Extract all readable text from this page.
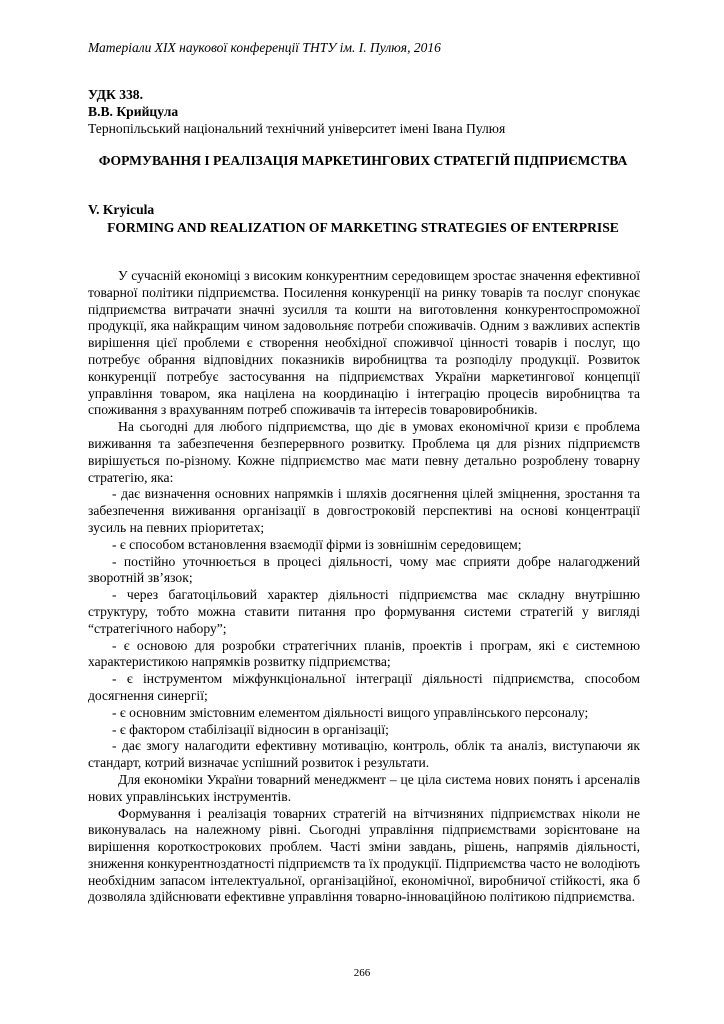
Матеріали XIX наукової конференції ТНТУ ім. І. Пулюя, 2016
УДК 338.
В.В. Крийцула
Тернопільський національний технічний університет імені Івана Пулюя
ФОРМУВАННЯ І РЕАЛІЗАЦІЯ МАРКЕТИНГОВИХ СТРАТЕГІЙ ПІДПРИЄМСТВА
V. Kryicula
FORMING AND REALIZATION OF MARKETING STRATEGIES OF ENTERPRISE

У сучасній економіці з високим конкурентним середовищем зростає значення ефективної товарної політики підприємства. Посилення конкуренції на ринку товарів та послуг спонукає підприємства витрачати значні зусилля та кошти на виготовлення конкурентоспроможної продукції, яка найкращим чином задовольняє потреби споживачів. Одним з важливих аспектів вирішення цієї проблеми є створення необхідної споживчої цінності товарів і послуг, що потребує обрання відповідних показників виробництва та розподілу продукції. Розвиток конкуренції потребує застосування на підприємствах України маркетингової концепції управління товаром, яка націлена на координацію і інтеграцію процесів виробництва та споживання з врахуванням потреб споживачів та інтересів товаровиробників.

На сьогодні для любого підприємства, що діє в умовах економічної кризи є проблема виживання та забезпечення безперервного розвитку. Проблема ця для різних підприємств вирішується по-різному. Кожне підприємство має мати певну детально розроблену товарну стратегію, яка:

- дає визначення основних напрямків і шляхів досягнення цілей зміцнення, зростання та забезпечення виживання організації в довгостроковій перспективі на основі концентрації зусиль на певних пріоритетах;

- є способом встановлення взаємодії фірми із зовнішнім середовищем;

- постійно уточнюється в процесі діяльності, чому має сприяти добре налагоджений зворотній зв’язок;

- через багатоцільовий характер діяльності підприємства має складну внутрішню структуру, тобто можна ставити питання про формування системи стратегій у вигляді “стратегічного набору”;

- є основою для розробки стратегічних планів, проектів і програм, які є системною характеристикою напрямків розвитку підприємства;

- є інструментом міжфункціональної інтеграції діяльності підприємства, способом досягнення синергії;

- є основним змістовним елементом діяльності вищого управлінського персоналу;

- є фактором стабілізації відносин в організації;

- дає змогу налагодити ефективну мотивацію, контроль, облік та аналіз, виступаючи як стандарт, котрий визначає успішний розвиток і результати.

Для економіки України товарний менеджмент – це ціла система нових понять і арсеналів нових управлінських інструментів.

Формування і реалізація товарних стратегій на вітчизняних підприємствах ніколи не виконувалась на належному рівні. Сьогодні управління підприємствами зорієнтоване на вирішення короткострокових проблем. Часті зміни завдань, рішень, напрямів діяльності, зниження конкурентноздатності підприємств та їх продукції. Підприємства часто не володіють необхідним запасом інтелектуальної, організаційної, економічної, виробничої стійкості, яка б дозволяла здійснювати ефективне управління товарно-інноваційною політикою підприємства.

266
